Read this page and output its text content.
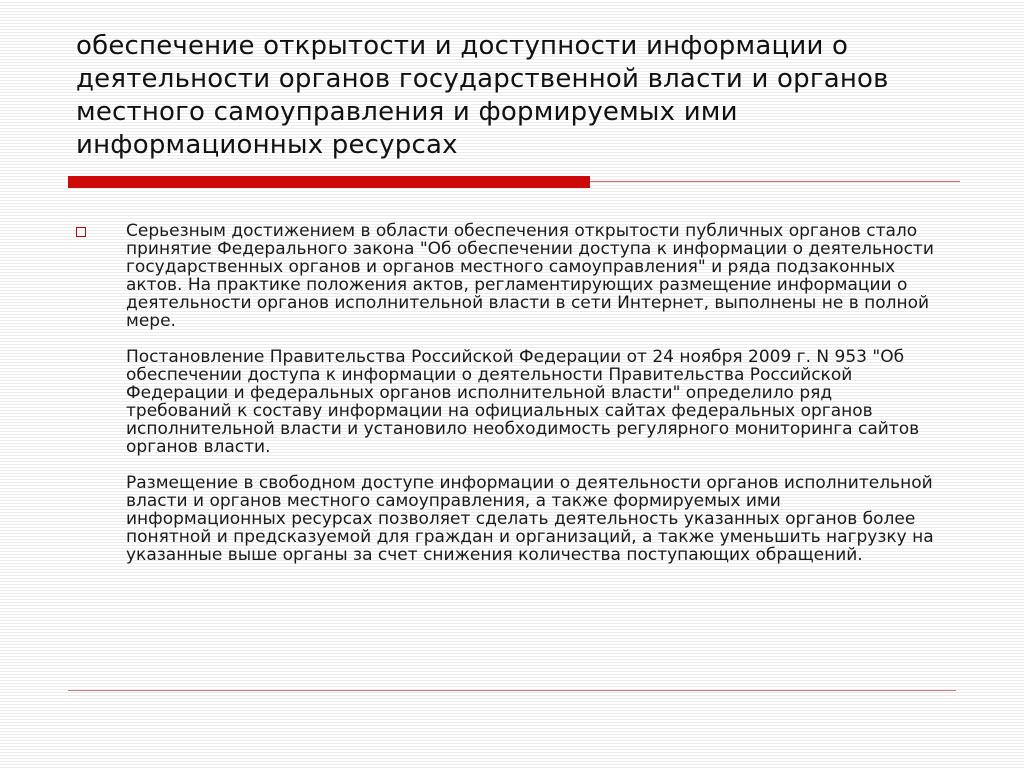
обеспечение открытости и доступности информации о деятельности органов государственной власти и органов местного самоуправления и формируемых ими информационных ресурсах

Серьезным достижением в области обеспечения открытости публичных органов стало принятие Федерального закона "Об обеспечении доступа к информации о деятельности государственных органов и органов местного самоуправления" и ряда подзаконных актов. На практике положения актов, регламентирующих размещение информации о деятельности органов исполнительной власти в сети Интернет, выполнены не в полной мере.

Постановление Правительства Российской Федерации от 24 ноября 2009 г. N 953 "Об обеспечении доступа к информации о деятельности Правительства Российской Федерации и федеральных органов исполнительной власти" определило ряд требований к составу информации на официальных сайтах федеральных органов исполнительной власти и установило необходимость регулярного мониторинга сайтов органов власти.

Размещение в свободном доступе информации о деятельности органов исполнительной власти и органов местного самоуправления, а также формируемых ими информационных ресурсах позволяет сделать деятельность указанных органов более понятной и предсказуемой для граждан и организаций, а также уменьшить нагрузку на указанные выше органы за счет снижения количества поступающих обращений.
